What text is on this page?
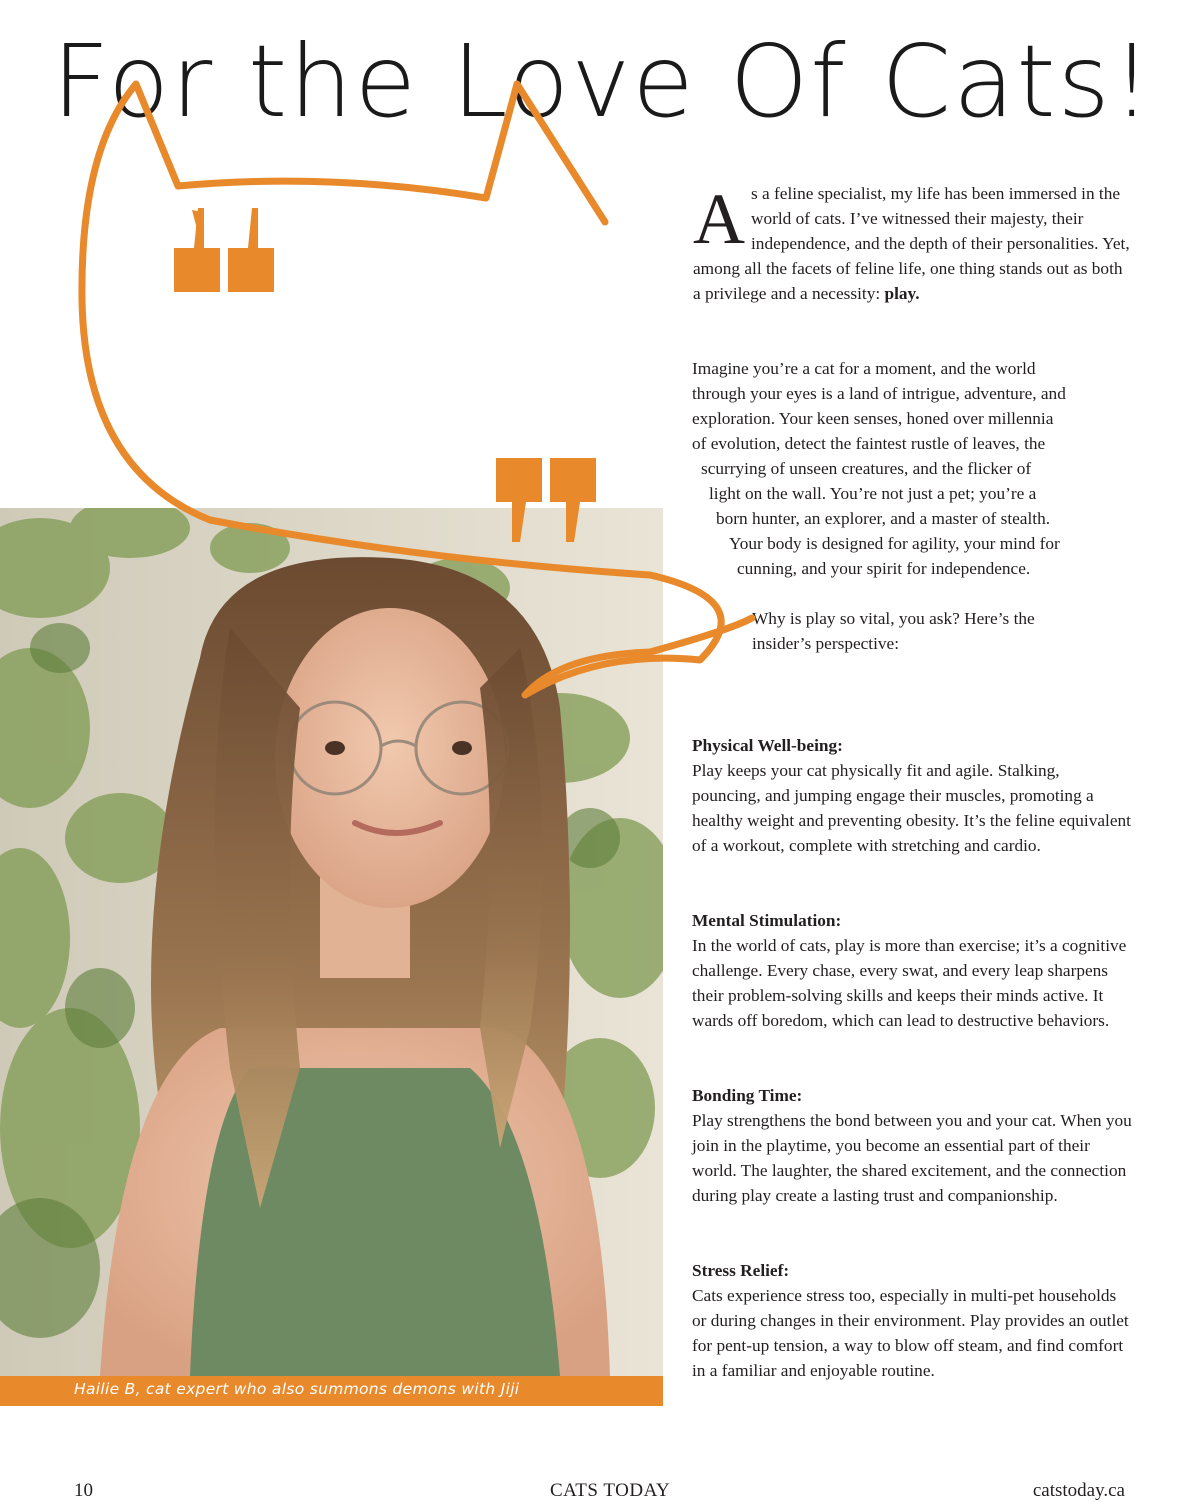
For the Love Of Cats!
Hailie B, cat expert who also summons demons with Jiji
A s a feline specialist, my life has been immersed in the world of cats. I’ve witnessed their majesty, their independence, and the depth of their personalities. Yet, among all the facets of feline life, one thing stands out as both a privilege and a necessity: play.

Imagine you’re a cat for a moment, and the world
through your eyes is a land of intrigue, adventure, and
exploration. Your keen senses, honed over millennia
of evolution, detect the faintest rustle of leaves, the
scurrying of unseen creatures, and the flicker of
light on the wall. You’re not just a pet; you’re a
born hunter, an explorer, and a master of stealth.
Your body is designed for agility, your mind for
cunning, and your spirit for independence.
Why is play so vital, you ask? Here’s the
insider’s perspective:
Physical Well-being:

Play keeps your cat physically fit and agile. Stalking, pouncing, and jumping engage their muscles, promoting a healthy weight and preventing obesity. It’s the feline equivalent of a workout, complete with stretching and cardio.

Mental Stimulation:

In the world of cats, play is more than exercise; it’s a cognitive challenge. Every chase, every swat, and every leap sharpens their problem-solving skills and keeps their minds active. It wards off boredom, which can lead to destructive behaviors.

Bonding Time:

Play strengthens the bond between you and your cat. When you join in the playtime, you become an essential part of their world. The laughter, the shared excitement, and the connection during play create a lasting trust and companionship.

Stress Relief:

Cats experience stress too, especially in multi-pet households or during changes in their environment. Play provides an outlet for pent-up tension, a way to blow off steam, and find comfort in a familiar and enjoyable routine.

10	CATS TODAY	catstoday.ca
